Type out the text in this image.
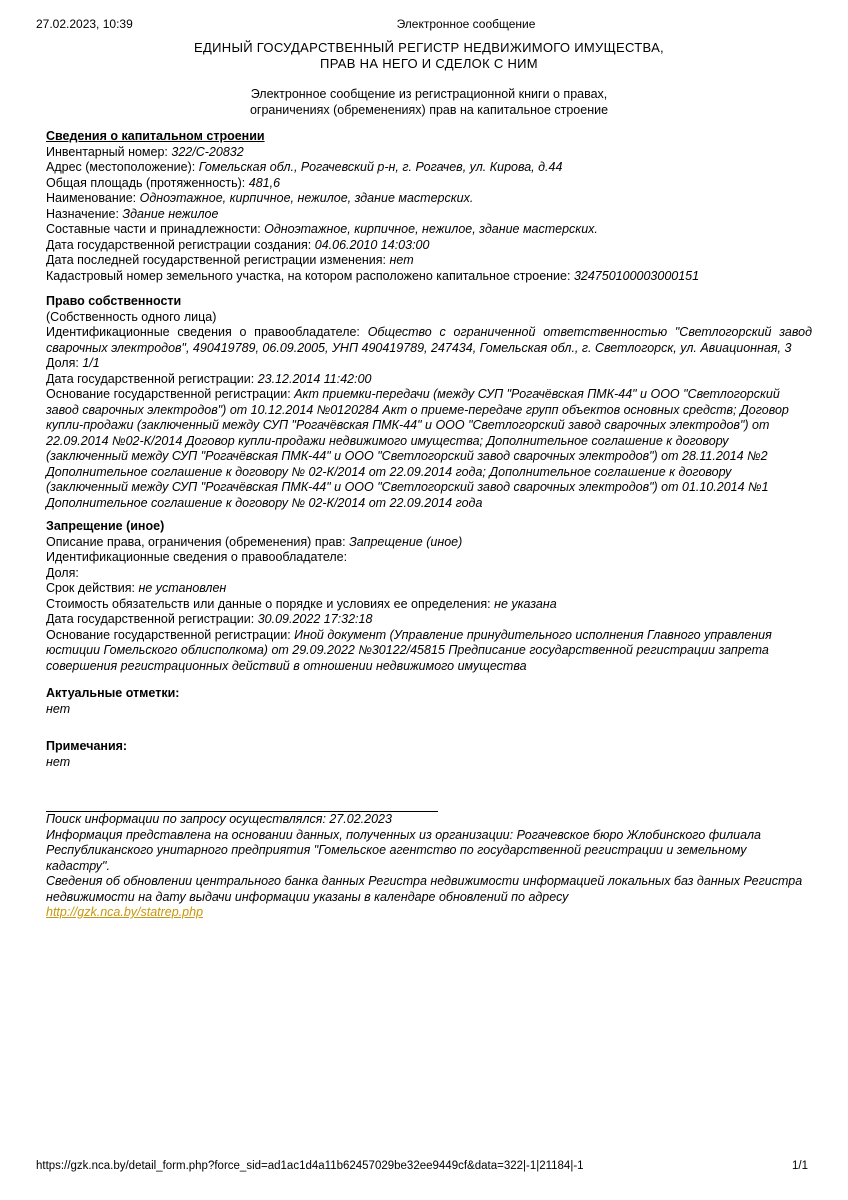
27.02.2023, 10:39	Электронное сообщение
ЕДИНЫЙ ГОСУДАРСТВЕННЫЙ РЕГИСТР НЕДВИЖИМОГО ИМУЩЕСТВА,
ПРАВ НА НЕГО И СДЕЛОК С НИМ
Электронное сообщение из регистрационной книги о правах,
ограничениях (обременениях) прав на капитальное строение
Сведения о капитальном строении

Инвентарный номер: 322/С-20832

Адрес (местоположение): Гомельская обл., Рогачевский р-н, г. Рогачев, ул. Кирова, д.44

Общая площадь (протяженность): 481,6

Наименование: Одноэтажное, кирпичное, нежилое, здание мастерских.

Назначение: Здание нежилое

Составные части и принадлежности: Одноэтажное, кирпичное, нежилое, здание мастерских.

Дата государственной регистрации создания: 04.06.2010 14:03:00

Дата последней государственной регистрации изменения: нет

Кадастровый номер земельного участка, на котором расположено капитальное строение: 324750100003000151

Право собственности

(Собственность одного лица)

Идентификационные сведения о правообладателе: Общество с ограниченной ответственностью "Светлогорский завод сварочных электродов", 490419789, 06.09.2005, УНП 490419789, 247434, Гомельская обл., г. Светлогорск, ул. Авиационная, 3

Доля: 1/1

Дата государственной регистрации: 23.12.2014 11:42:00

Основание государственной регистрации: Акт приемки-передачи (между СУП "Рогачёвская ПМК-44" и ООО "Светлогорский завод сварочных электродов") от 10.12.2014 №0120284 Акт о приеме-передаче групп объектов основных средств; Договор купли-продажи (заключенный между СУП "Рогачёвская ПМК-44" и ООО "Светлогорский завод сварочных электродов") от 22.09.2014 №02-К/2014 Договор купли-продажи недвижимого имущества; Дополнительное соглашение к договору (заключенный между СУП "Рогачёвская ПМК-44" и ООО "Светлогорский завод сварочных электродов") от 28.11.2014 №2 Дополнительное соглашение к договору № 02-К/2014 от 22.09.2014 года; Дополнительное соглашение к договору (заключенный между СУП "Рогачёвская ПМК-44" и ООО "Светлогорский завод сварочных электродов") от 01.10.2014 №1 Дополнительное соглашение к договору № 02-К/2014 от 22.09.2014 года

Запрещение (иное)

Описание права, ограничения (обременения) прав: Запрещение (иное)

Идентификационные сведения о правообладателе:

Доля:

Срок действия: не установлен

Стоимость обязательств или данные о порядке и условиях ее определения: не указана

Дата государственной регистрации: 30.09.2022 17:32:18

Основание государственной регистрации: Иной документ (Управление принудительного исполнения Главного управления юстиции Гомельского облисполкома) от 29.09.2022 №30122/45815 Предписание государственной регистрации запрета совершения регистрационных действий в отношении недвижимого имущества

Актуальные отметки:

нет

Примечания:

нет

Поиск информации по запросу осуществлялся: 27.02.2023

Информация представлена на основании данных, полученных из организации: Рогачевское бюро Жлобинского филиала Республиканского унитарного предприятия "Гомельское агентство по государственной регистрации и земельному кадастру".

Сведения об обновлении центрального банка данных Регистра недвижимости информацией локальных баз данных Регистра недвижимости на дату выдачи информации указаны в календаре обновлений по адресу

http://gzk.nca.by/statrep.php

https://gzk.nca.by/detail_form.php?force_sid=ad1ac1d4a11b62457029be32ee9449cf&data=322|-1|21184|-1	1/1
